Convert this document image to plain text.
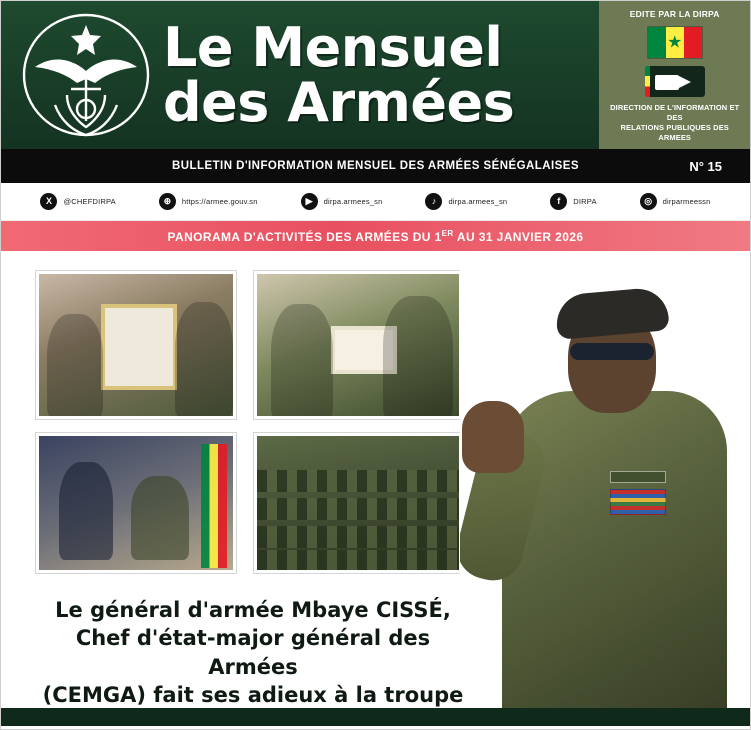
Le Mensuel
des Armées
EDITE PAR LA DIRPA
★
DIRECTION DE L'INFORMATION ET DES
RELATIONS PUBLIQUES DES ARMEES
BULLETIN D'INFORMATION MENSUEL DES ARMÉES SÉNÉGALAISES	N° 15
X	@CHEFDIRPA	⊕	https://armee.gouv.sn	▶	dirpa.armees_sn	♪	dirpa.armees_sn	f	DIRPA	◎	dirparmeessn
PANORAMA D'ACTIVITÉS DES ARMÉES DU 1ER AU 31 JANVIER 2026
Le général d'armée Mbaye CISSÉ,
Chef d'état-major général des Armées
(CEMGA) fait ses adieux à la troupe
